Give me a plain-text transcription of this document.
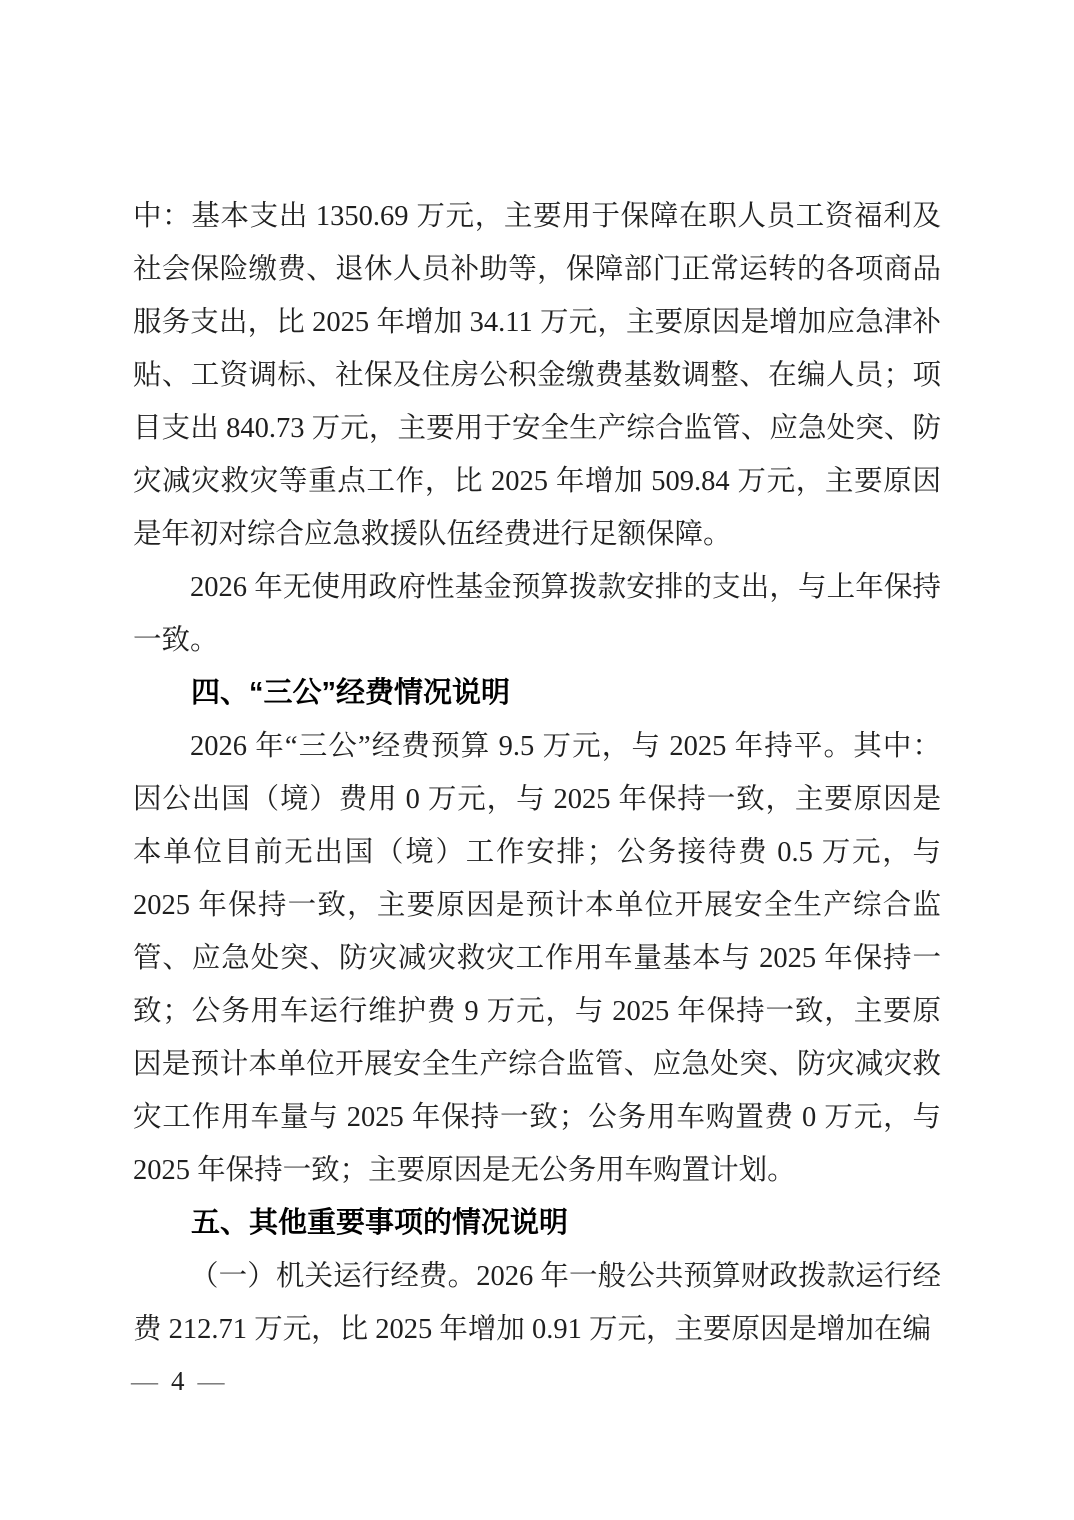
中：基本支出 1350.69 万元，主要用于保障在职人员工资福利及社会保险缴费、退休人员补助等，保障部门正常运转的各项商品服务支出，比 2025 年增加 34.11 万元，主要原因是增加应急津补贴、工资调标、社保及住房公积金缴费基数调整、在编人员；项目支出 840.73 万元，主要用于安全生产综合监管、应急处突、防灾减灾救灾等重点工作，比 2025 年增加 509.84 万元，主要原因是年初对综合应急救援队伍经费进行足额保障。

2026 年无使用政府性基金预算拨款安排的支出，与上年保持一致。

四、“三公”经费情况说明

2026 年“三公”经费预算 9.5 万元，与 2025 年持平。其中：因公出国（境）费用 0 万元，与 2025 年保持一致，主要原因是本单位目前无出国（境）工作安排；公务接待费 0.5 万元，与 2025 年保持一致，主要原因是预计本单位开展安全生产综合监管、应急处突、防灾减灾救灾工作用车量基本与 2025 年保持一致；公务用车运行维护费 9 万元，与 2025 年保持一致，主要原因是预计本单位开展安全生产综合监管、应急处突、防灾减灾救灾工作用车量与 2025 年保持一致；公务用车购置费 0 万元，与 2025 年保持一致；主要原因是无公务用车购置计划。

五、其他重要事项的情况说明

（一）机关运行经费。2026 年一般公共预算财政拨款运行经费 212.71 万元，比 2025 年增加 0.91 万元，主要原因是增加在编

— 4 —
